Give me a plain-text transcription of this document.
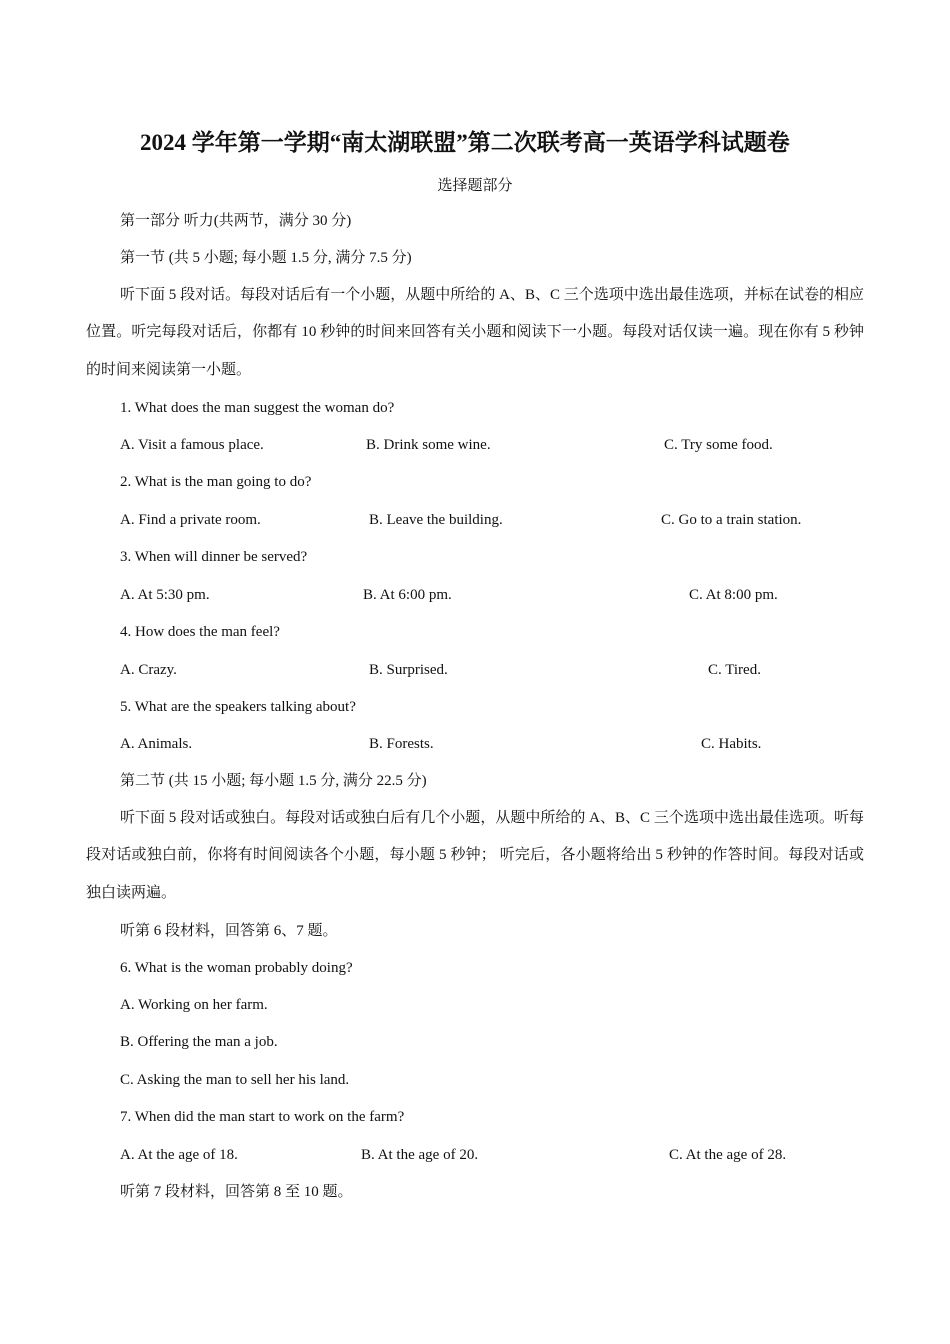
2024 学年第一学期“南太湖联盟”第二次联考高一英语学科试题卷
选择题部分
第一部分 听力(共两节，满分 30 分)
第一节 (共 5 小题; 每小题 1.5 分, 满分 7.5 分)
听下面 5 段对话。每段对话后有一个小题，从题中所给的 A、B、C 三个选项中选出最佳选项，并标在试卷的相应位置。听完每段对话后，你都有 10 秒钟的时间来回答有关小题和阅读下一小题。每段对话仅读一遍。现在你有 5 秒钟的时间来阅读第一小题。
1. What does the man suggest the woman do?
A. Visit a famous place.	B. Drink some wine.	C. Try some food.
2. What is the man going to do?
A. Find a private room.	B. Leave the building.	C. Go to a train station.
3. When will dinner be served?
A. At 5:30 pm.	B. At 6:00 pm.	C. At 8:00 pm.
4. How does the man feel?
A. Crazy.	B. Surprised.	C. Tired.
5. What are the speakers talking about?
A. Animals.	B. Forests.	C. Habits.
第二节 (共 15 小题; 每小题 1.5 分, 满分 22.5 分)
听下面 5 段对话或独白。每段对话或独白后有几个小题，从题中所给的 A、B、C 三个选项中选出最佳选项。听每段对话或独白前，你将有时间阅读各个小题，每小题 5 秒钟； 听完后，各小题将给出 5 秒钟的作答时间。每段对话或独白读两遍。
听第 6 段材料，回答第 6、7 题。
6. What is the woman probably doing?
A. Working on her farm.
B. Offering the man a job.
C. Asking the man to sell her his land.
7. When did the man start to work on the farm?
A. At the age of 18.	B. At the age of 20.	C. At the age of 28.
听第 7 段材料，回答第 8 至 10 题。
